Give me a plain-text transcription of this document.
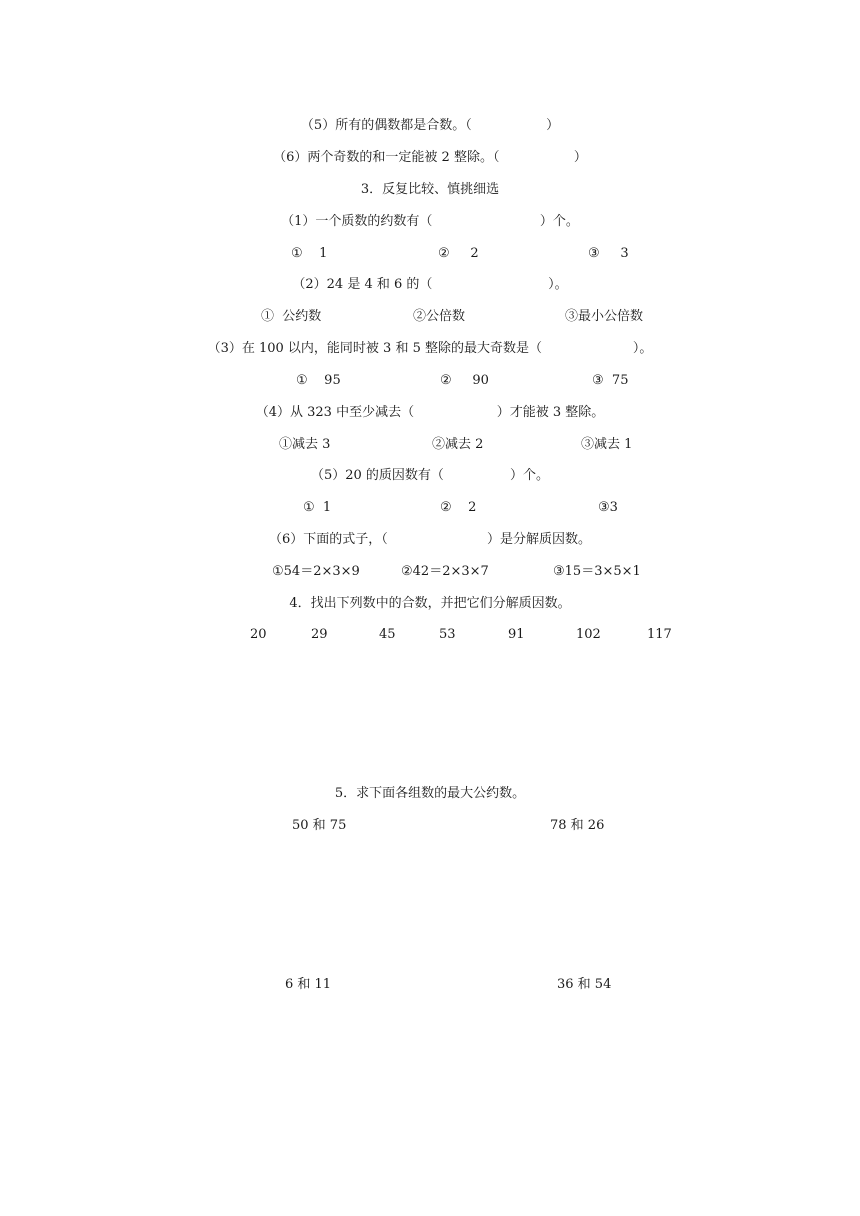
（5）所有的偶数都是合数。（                  ）
（6）两个奇数的和一定能被 2 整除。（                  ）
3．反复比较、慎挑细选
（1）一个质数的约数有（                          ）个。
①    1	②     2	③     3
（2）24 是 4 和 6 的（                            ）。
①  公约数	②公倍数	③最小公倍数
（3）在 100 以内，能同时被 3 和 5 整除的最大奇数是（                      ）。
①    95	②     90	③  75
（4）从 323 中至少减去（                    ）才能被 3 整除。
①减去 3	②减去 2	③减去 1
（5）20 的质因数有（                ）个。
①  1	②    2	③3
（6）下面的式子，（                        ）是分解质因数。
①54＝2×3×9	②42＝2×3×7	③15＝3×5×1
4．找出下列数中的合数，并把它们分解质因数。
20	29	45	53	91	102	117
5．求下面各组数的最大公约数。
50 和 75	78 和 26
6 和 11	36 和 54
